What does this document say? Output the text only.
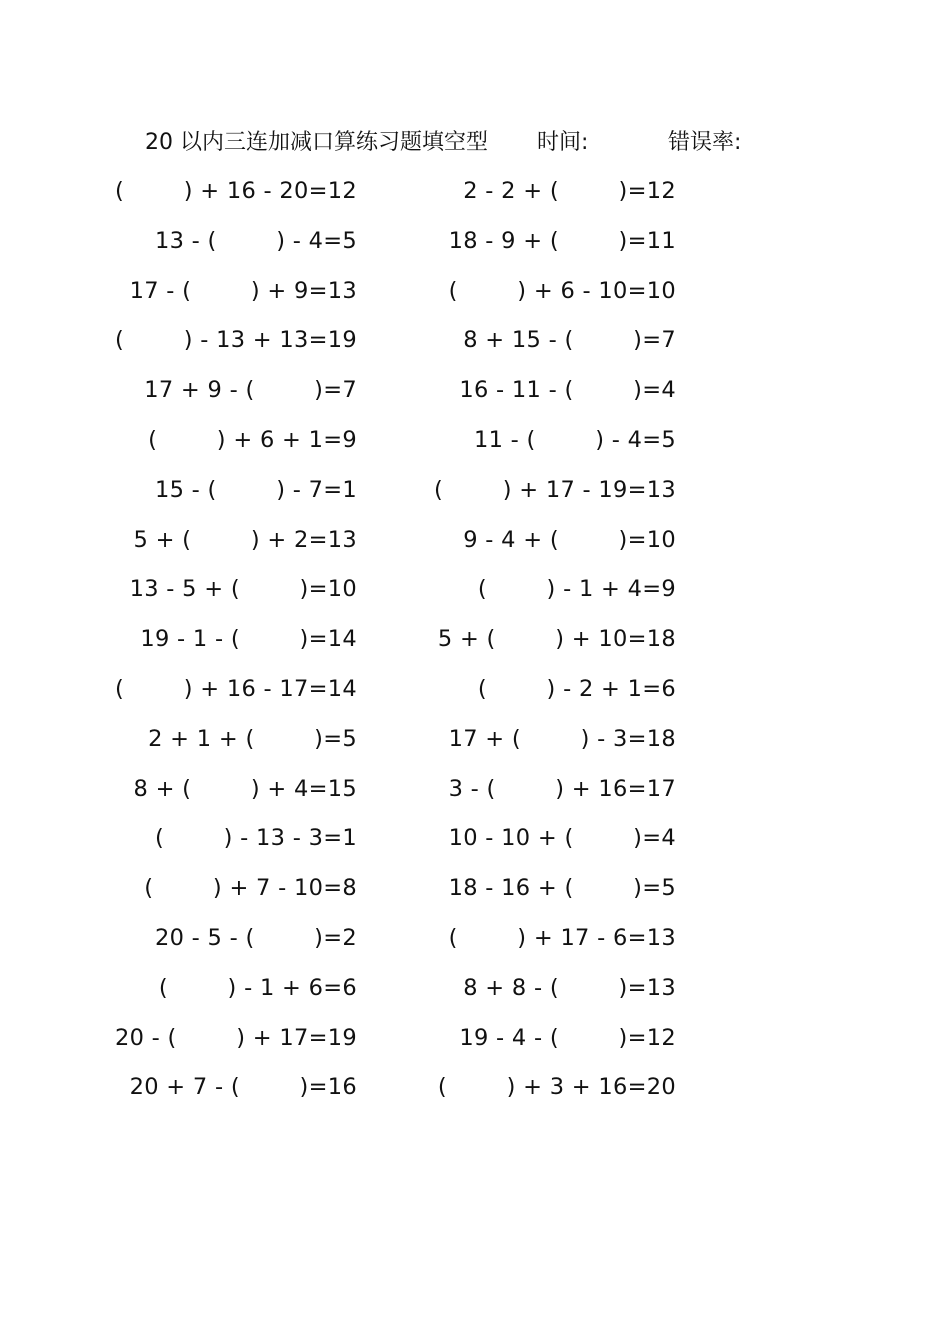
20 以内三连加减口算练习题填空型 时间:	错误率:
(        ) + 16 - 20=12	2 - 2 + (        )=12
13 - (        ) - 4=5	18 - 9 + (        )=11
17 - (        ) + 9=13	(        ) + 6 - 10=10
(        ) - 13 + 13=19	8 + 15 - (        )=7
17 + 9 - (        )=7	16 - 11 - (        )=4
(        ) + 6 + 1=9	11 - (        ) - 4=5
15 - (        ) - 7=1	(        ) + 17 - 19=13
5 + (        ) + 2=13	9 - 4 + (        )=10
13 - 5 + (        )=10	(        ) - 1 + 4=9
19 - 1 - (        )=14	5 + (        ) + 10=18
(        ) + 16 - 17=14	(        ) - 2 + 1=6
2 + 1 + (        )=5	17 + (        ) - 3=18
8 + (        ) + 4=15	3 - (        ) + 16=17
(        ) - 13 - 3=1	10 - 10 + (        )=4
(        ) + 7 - 10=8	18 - 16 + (        )=5
20 - 5 - (        )=2	(        ) + 17 - 6=13
(        ) - 1 + 6=6	8 + 8 - (        )=13
20 - (        ) + 17=19	19 - 4 - (        )=12
20 + 7 - (        )=16	(        ) + 3 + 16=20
